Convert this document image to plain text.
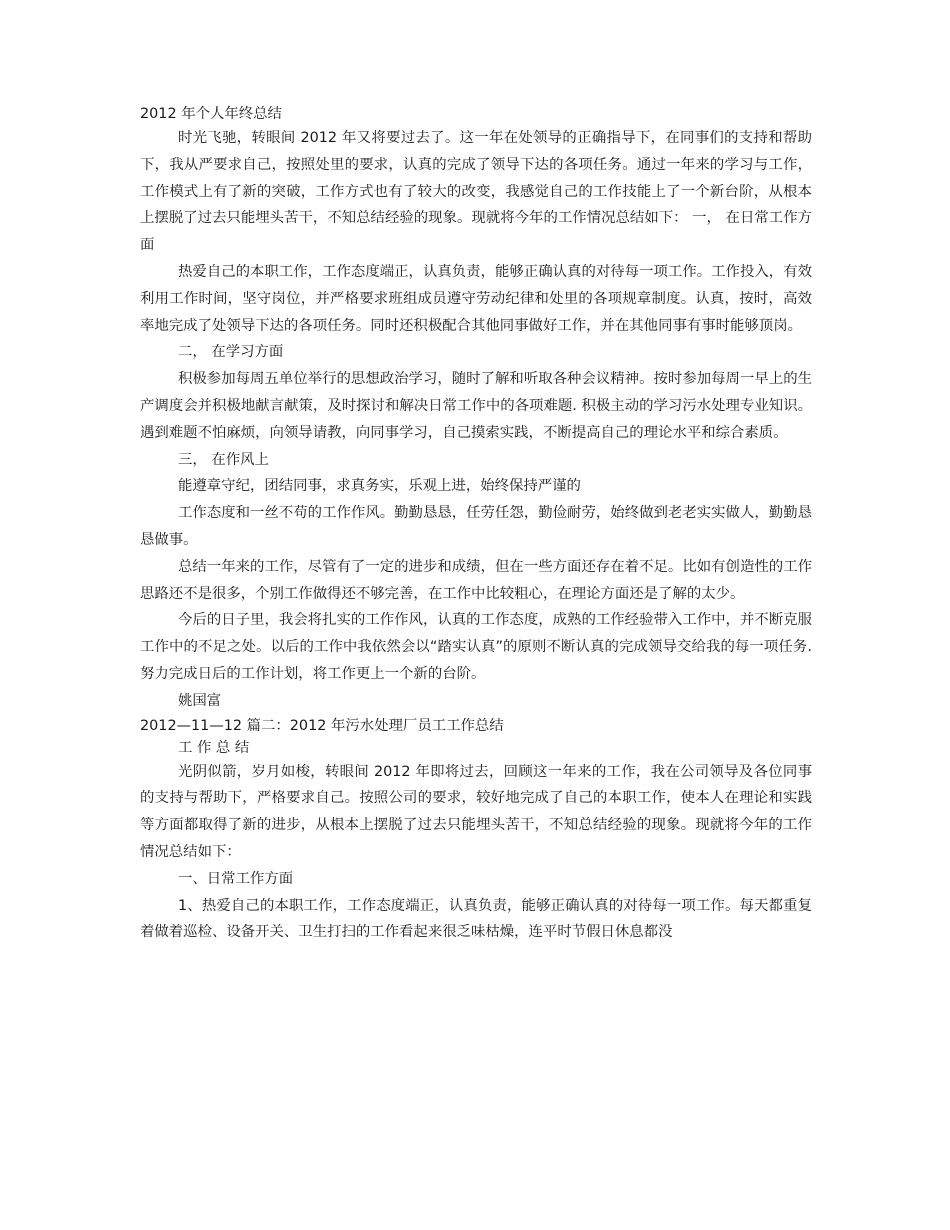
2012 年个人年终总结

时光飞驰，转眼间 2012 年又将要过去了。这一年在处领导的正确指导下，在同事们的支持和帮助下，我从严要求自己，按照处里的要求，认真的完成了领导下达的各项任务。通过一年来的学习与工作，工作模式上有了新的突破，工作方式也有了较大的改变，我感觉自己的工作技能上了一个新台阶，从根本上摆脱了过去只能埋头苦干，不知总结经验的现象。现就将今年的工作情况总结如下： 一， 在日常工作方面

热爱自己的本职工作，工作态度端正，认真负责，能够正确认真的对待每一项工作。工作投入，有效利用工作时间，坚守岗位，并严格要求班组成员遵守劳动纪律和处里的各项规章制度。认真，按时，高效率地完成了处领导下达的各项任务。同时还积极配合其他同事做好工作，并在其他同事有事时能够顶岗。

二， 在学习方面

积极参加每周五单位举行的思想政治学习，随时了解和听取各种会议精神。按时参加每周一早上的生产调度会并积极地献言献策，及时探讨和解决日常工作中的各项难题. 积极主动的学习污水处理专业知识。遇到难题不怕麻烦，向领导请教，向同事学习，自己摸索实践，不断提高自己的理论水平和综合素质。

三， 在作风上

能遵章守纪，团结同事，求真务实，乐观上进，始终保持严谨的

工作态度和一丝不苟的工作作风。勤勤恳恳，任劳任怨，勤俭耐劳，始终做到老老实实做人，勤勤恳恳做事。

总结一年来的工作，尽管有了一定的进步和成绩，但在一些方面还存在着不足。比如有创造性的工作思路还不是很多，个别工作做得还不够完善，在工作中比较粗心，在理论方面还是了解的太少。

今后的日子里，我会将扎实的工作作风，认真的工作态度，成熟的工作经验带入工作中，并不断克服工作中的不足之处。以后的工作中我依然会以“踏实认真”的原则不断认真的完成领导交给我的每一项任务. 努力完成日后的工作计划，将工作更上一个新的台阶。

姚国富

2012—11—12 篇二：2012 年污水处理厂员工工作总结

工 作 总 结

光阴似箭，岁月如梭，转眼间 2012 年即将过去，回顾这一年来的工作，我在公司领导及各位同事的支持与帮助下，严格要求自己。按照公司的要求，较好地完成了自己的本职工作，使本人在理论和实践等方面都取得了新的进步，从根本上摆脱了过去只能埋头苦干，不知总结经验的现象。现就将今年的工作情况总结如下：

一、日常工作方面

1、热爱自己的本职工作，工作态度端正，认真负责，能够正确认真的对待每一项工作。每天都重复着做着巡检、设备开关、卫生打扫的工作看起来很乏味枯燥，连平时节假日休息都没
